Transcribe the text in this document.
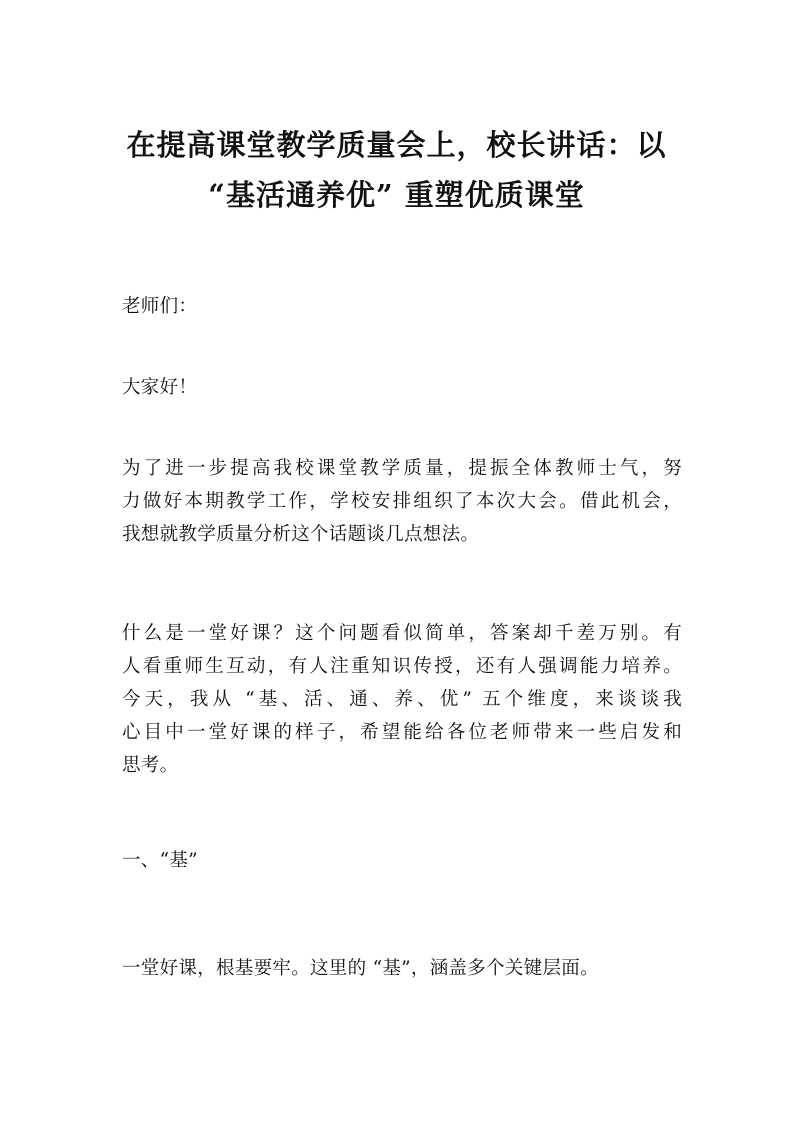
在提高课堂教学质量会上，校长讲话：以
“基活通养优” 重塑优质课堂

老师们：

大家好！

为了进一步提高我校课堂教学质量，提振全体教师士气，努
力做好本期教学工作，学校安排组织了本次大会。借此机会，
我想就教学质量分析这个话题谈几点想法。
什么是一堂好课？这个问题看似简单，答案却千差万别。有
人看重师生互动，有人注重知识传授，还有人强调能力培养。
今天，我从 “基、活、通、养、优” 五个维度，来谈谈我
心目中一堂好课的样子，希望能给各位老师带来一些启发和
思考。

一、“基”

一堂好课，根基要牢。这里的 “基”，涵盖多个关键层面。
